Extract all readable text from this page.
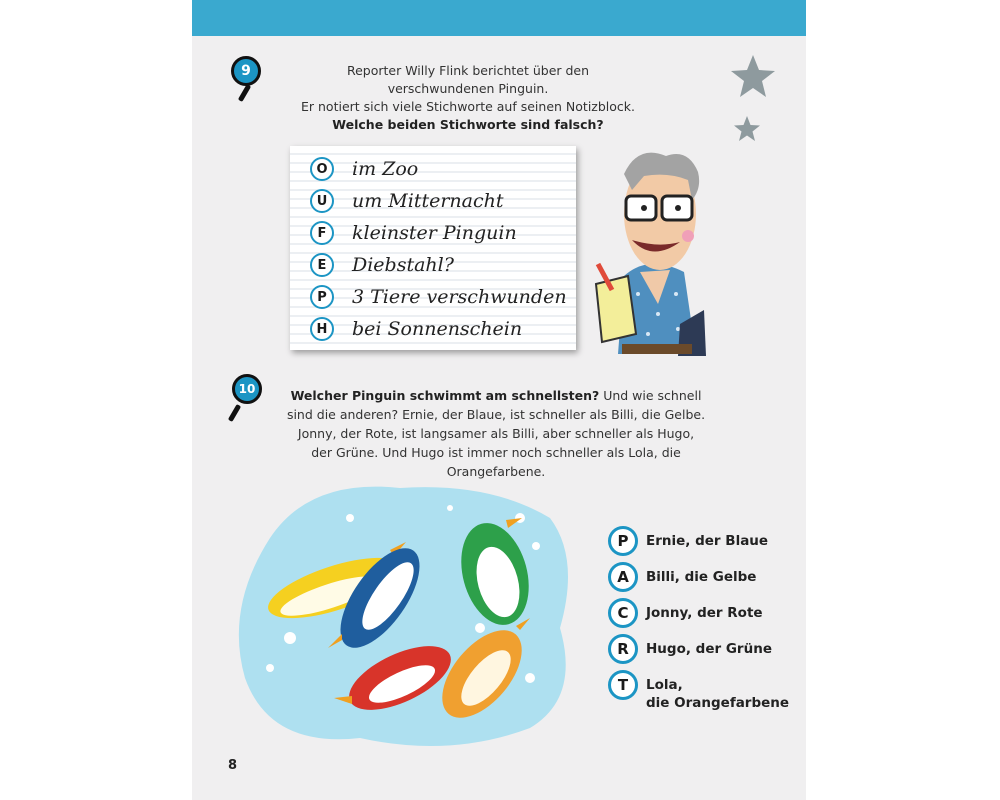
9	Reporter Willy Flink berichtet über den verschwundenen Pinguin.
Er notiert sich viele Stichworte auf seinen Notizblock.
Welche beiden Stichworte sind falsch?
O	im Zoo
U	um Mitternacht
F	kleinster Pinguin
E	Diebstahl?
P	3 Tiere verschwunden
H	bei Sonnenschein
10	Welcher Pinguin schwimmt am schnellsten? Und wie schnell sind die anderen? Ernie, der Blaue, ist schneller als Billi, die Gelbe. Jonny, der Rote, ist langsamer als Billi, aber schneller als Hugo, der Grüne. Und Hugo ist immer noch schneller als Lola, die Orangefarbene.
P	Ernie, der Blaue
A	Billi, die Gelbe
C	Jonny, der Rote
R	Hugo, der Grüne
T	Lola,
die Orangefarbene
8
